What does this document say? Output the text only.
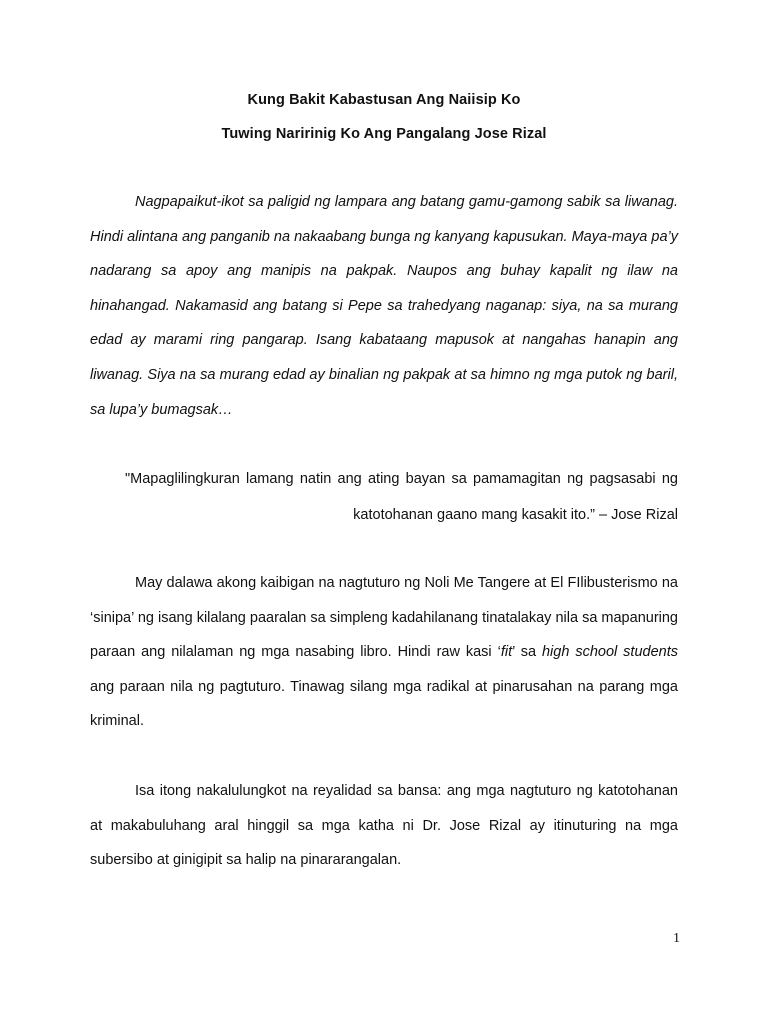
Kung Bakit Kabastusan Ang Naiisip Ko
Tuwing Naririnig Ko Ang Pangalang Jose Rizal

Nagpapaikut-ikot sa paligid ng lampara ang batang gamu-gamong sabik sa liwanag. Hindi alintana ang panganib na nakaabang bunga ng kanyang kapusukan. Maya-maya pa’y nadarang sa apoy ang manipis na pakpak. Naupos ang buhay kapalit ng ilaw na hinahangad. Nakamasid ang batang si Pepe sa trahedyang naganap: siya, na sa murang edad ay marami ring pangarap. Isang kabataang mapusok at nangahas hanapin ang liwanag. Siya na sa murang edad ay binalian ng pakpak at sa himno ng mga putok ng baril, sa lupa’y bumagsak…

"Mapaglilingkuran lamang natin ang ating bayan sa pamamagitan ng pagsasabi ng
katotohanan gaano mang kasakit ito.” – Jose Rizal

May dalawa akong kaibigan na nagtuturo ng Noli Me Tangere at El FIlibusterismo na ‘sinipa’ ng isang kilalang paaralan sa simpleng kadahilanang tinatalakay nila sa mapanuring paraan ang nilalaman ng mga nasabing libro. Hindi raw kasi ‘fit’ sa high school students ang paraan nila ng pagtuturo. Tinawag silang mga radikal at pinarusahan na parang mga kriminal.

Isa itong nakalulungkot na reyalidad sa bansa: ang mga nagtuturo ng katotohanan at makabuluhang aral hinggil sa mga katha ni Dr. Jose Rizal ay itinuturing na mga subersibo at ginigipit sa halip na pinararangalan.

1
